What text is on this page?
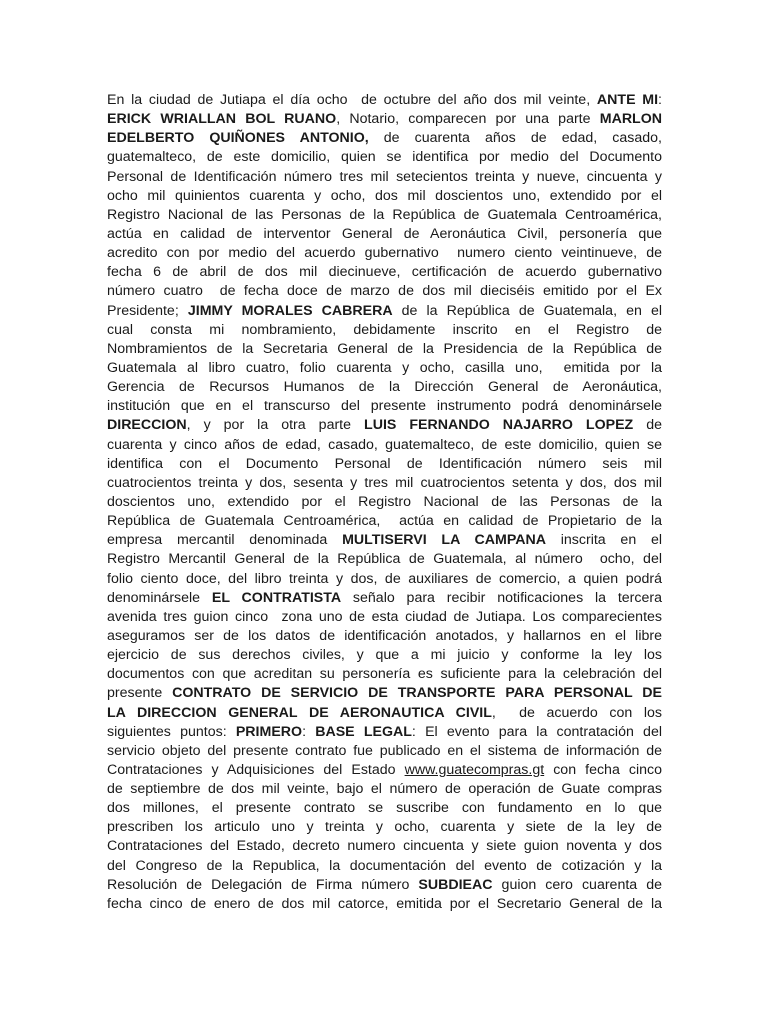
En la ciudad de Jutiapa el día ocho  de octubre del año dos mil veinte, ANTE MI:
ERICK WRIALLAN BOL RUANO, Notario, comparecen por una parte MARLON
EDELBERTO QUIÑONES ANTONIO, de cuarenta años de edad, casado,
guatemalteco, de este domicilio, quien se identifica por medio del Documento
Personal de Identificación número tres mil setecientos treinta y nueve, cincuenta y
ocho mil quinientos cuarenta y ocho, dos mil doscientos uno, extendido por el
Registro Nacional de las Personas de la República de Guatemala Centroamérica,
actúa en calidad de interventor General de Aeronáutica Civil, personería que
acredito con por medio del acuerdo gubernativo  numero ciento veintinueve, de
fecha 6 de abril de dos mil diecinueve, certificación de acuerdo gubernativo
número cuatro  de fecha doce de marzo de dos mil dieciséis emitido por el Ex
Presidente; JIMMY MORALES CABRERA de la República de Guatemala, en el
cual consta mi nombramiento, debidamente inscrito en el Registro de
Nombramientos de la Secretaria General de la Presidencia de la República de
Guatemala al libro cuatro, folio cuarenta y ocho, casilla uno,  emitida por la
Gerencia de Recursos Humanos de la Dirección General de Aeronáutica,
institución que en el transcurso del presente instrumento podrá denominársele
DIRECCION, y por la otra parte LUIS FERNANDO NAJARRO LOPEZ de
cuarenta y cinco años de edad, casado, guatemalteco, de este domicilio, quien se
identifica con el Documento Personal de Identificación número seis mil
cuatrocientos treinta y dos, sesenta y tres mil cuatrocientos setenta y dos, dos mil
doscientos uno, extendido por el Registro Nacional de las Personas de la
República de Guatemala Centroamérica,  actúa en calidad de Propietario de la
empresa mercantil denominada MULTISERVI LA CAMPANA inscrita en el
Registro Mercantil General de la República de Guatemala, al número  ocho, del
folio ciento doce, del libro treinta y dos, de auxiliares de comercio, a quien podrá
denominársele EL CONTRATISTA señalo para recibir notificaciones la tercera
avenida tres guion cinco  zona uno de esta ciudad de Jutiapa. Los comparecientes
aseguramos ser de los datos de identificación anotados, y hallarnos en el libre
ejercicio de sus derechos civiles, y que a mi juicio y conforme la ley los
documentos con que acreditan su personería es suficiente para la celebración del
presente CONTRATO DE SERVICIO DE TRANSPORTE PARA PERSONAL DE
LA DIRECCION GENERAL DE AERONAUTICA CIVIL,  de acuerdo con los
siguientes puntos: PRIMERO: BASE LEGAL: El evento para la contratación del
servicio objeto del presente contrato fue publicado en el sistema de información de
Contrataciones y Adquisiciones del Estado www.guatecompras.gt con fecha cinco
de septiembre de dos mil veinte, bajo el número de operación de Guate compras
dos millones, el presente contrato se suscribe con fundamento en lo que
prescriben los articulo uno y treinta y ocho, cuarenta y siete de la ley de
Contrataciones del Estado, decreto numero cincuenta y siete guion noventa y dos
del Congreso de la Republica, la documentación del evento de cotización y la
Resolución de Delegación de Firma número SUBDIEAC guion cero cuarenta de
fecha cinco de enero de dos mil catorce, emitida por el Secretario General de la
